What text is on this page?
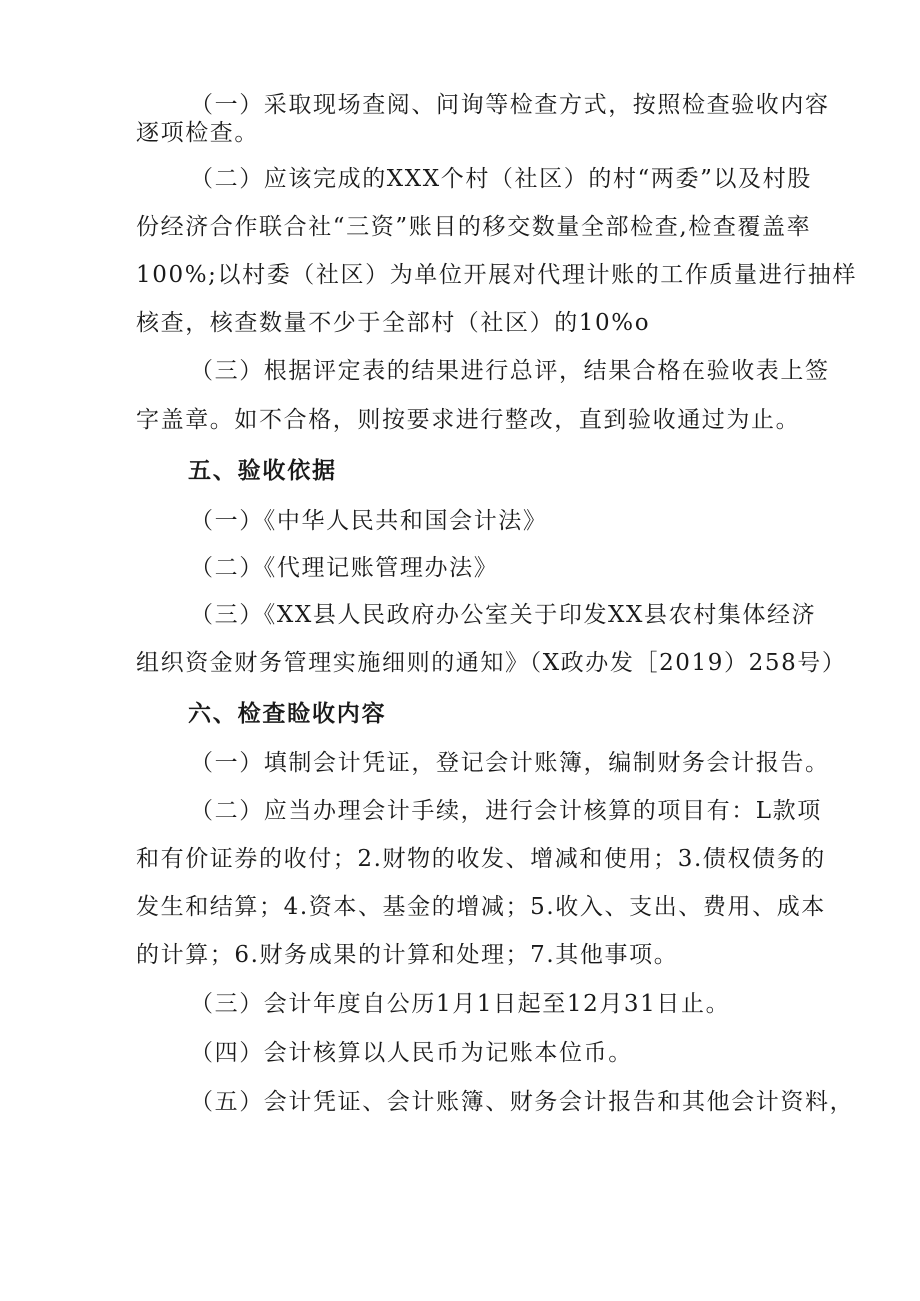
（一）采取现场查阅、问询等检查方式，按照检查验收内容
逐项检查。
（二）应该完成的XXX个村（社区）的村“两委”以及村股
份经济合作联合社“三资”账目的移交数量全部检查,检查覆盖率
100%;以村委（社区）为单位开展对代理计账的工作质量进行抽样
核查，核查数量不少于全部村（社区）的10%o
（三）根据评定表的结果进行总评，结果合格在验收表上签
字盖章。如不合格，则按要求进行整改，直到验收通过为止。
五、验收依据
（一）《中华人民共和国会计法》
（二）《代理记账管理办法》
（三）《XX县人民政府办公室关于印发XX县农村集体经济
组织资金财务管理实施细则的通知》（X政办发［2019）258号）
六、检查睑收内容
（一）填制会计凭证，登记会计账簿，编制财务会计报告。
（二）应当办理会计手续，进行会计核算的项目有：L款项
和有价证券的收付；2.财物的收发、增减和使用；3.债权债务的
发生和结算；4.资本、基金的增减；5.收入、支出、费用、成本
的计算；6.财务成果的计算和处理；7.其他事项。
（三）会计年度自公历1月1日起至12月31日止。
（四）会计核算以人民币为记账本位币。
（五）会计凭证、会计账簿、财务会计报告和其他会计资料，
